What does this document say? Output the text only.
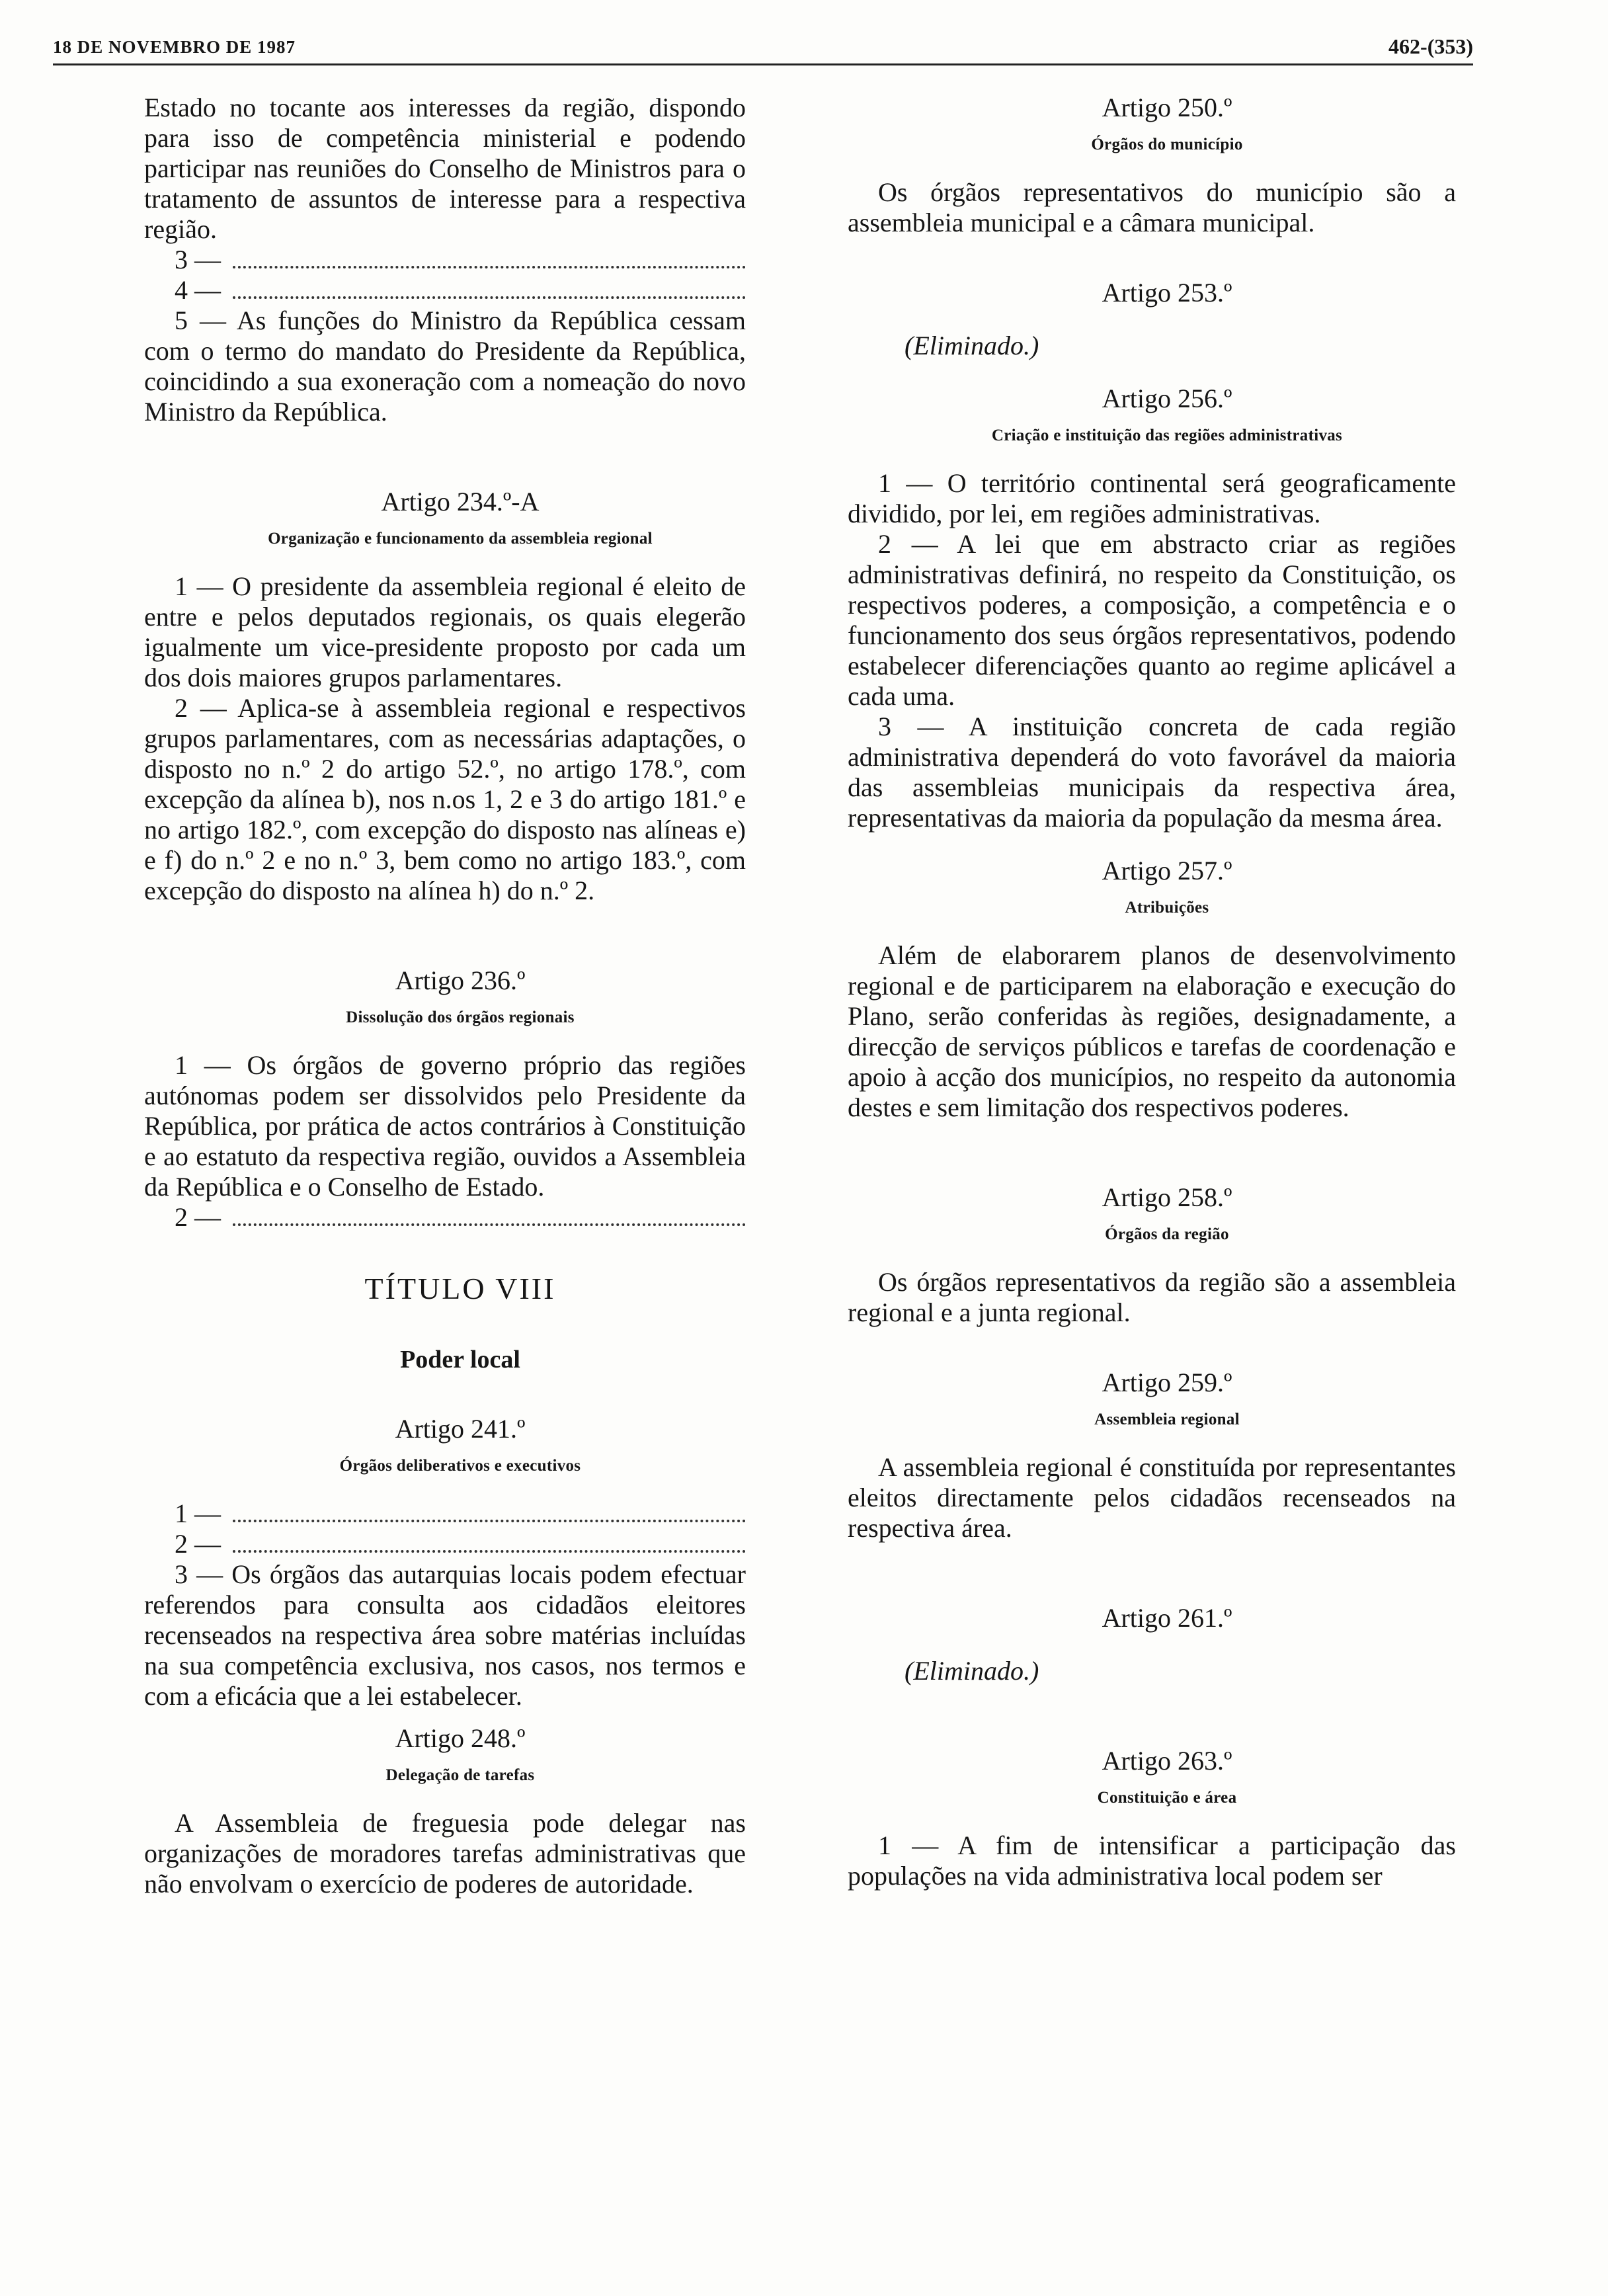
18 DE NOVEMBRO DE 1987	462-(353)

Estado no tocante aos interesses da região, dispondo para isso de competência ministerial e podendo participar nas reuniões do Conselho de Ministros para o tratamento de assuntos de interesse para a respectiva região.

3 —
4 —

5 — As funções do Ministro da República cessam com o termo do mandato do Presidente da República, coincidindo a sua exoneração com a nomeação do novo Ministro da República.

Artigo 234.º-A

Organização e funcionamento da assembleia regional

1 — O presidente da assembleia regional é eleito de entre e pelos deputados regionais, os quais elegerão igualmente um vice-presidente proposto por cada um dos dois maiores grupos parlamentares.

2 — Aplica-se à assembleia regional e respectivos grupos parlamentares, com as necessárias adaptações, o disposto no n.º 2 do artigo 52.º, no artigo 178.º, com excepção da alínea b), nos n.os 1, 2 e 3 do artigo 181.º e no artigo 182.º, com excepção do disposto nas alíneas e) e f) do n.º 2 e no n.º 3, bem como no artigo 183.º, com excepção do disposto na alínea h) do n.º 2.

Artigo 236.º

Dissolução dos órgãos regionais

1 — Os órgãos de governo próprio das regiões autónomas podem ser dissolvidos pelo Presidente da República, por prática de actos contrários à Constituição e ao estatuto da respectiva região, ouvidos a Assembleia da República e o Conselho de Estado.

2 —

TÍTULO VIII

Poder local

Artigo 241.º

Órgãos deliberativos e executivos

1 —
2 —

3 — Os órgãos das autarquias locais podem efectuar referendos para consulta aos cidadãos eleitores recenseados na respectiva área sobre matérias incluídas na sua competência exclusiva, nos casos, nos termos e com a eficácia que a lei estabelecer.

Artigo 248.º

Delegação de tarefas

A Assembleia de freguesia pode delegar nas organizações de moradores tarefas administrativas que não envolvam o exercício de poderes de autoridade.

Artigo 250.º

Órgãos do município

Os órgãos representativos do município são a assembleia municipal e a câmara municipal.

Artigo 253.º

(Eliminado.)

Artigo 256.º

Criação e instituição das regiões administrativas

1 — O território continental será geograficamente dividido, por lei, em regiões administrativas.

2 — A lei que em abstracto criar as regiões administrativas definirá, no respeito da Constituição, os respectivos poderes, a composição, a competência e o funcionamento dos seus órgãos representativos, podendo estabelecer diferenciações quanto ao regime aplicável a cada uma.

3 — A instituição concreta de cada região administrativa dependerá do voto favorável da maioria das assembleias municipais da respectiva área, representativas da maioria da população da mesma área.

Artigo 257.º

Atribuições

Além de elaborarem planos de desenvolvimento regional e de participarem na elaboração e execução do Plano, serão conferidas às regiões, designadamente, a direcção de serviços públicos e tarefas de coordenação e apoio à acção dos municípios, no respeito da autonomia destes e sem limitação dos respectivos poderes.

Artigo 258.º

Órgãos da região

Os órgãos representativos da região são a assembleia regional e a junta regional.

Artigo 259.º

Assembleia regional

A assembleia regional é constituída por representantes eleitos directamente pelos cidadãos recenseados na respectiva área.

Artigo 261.º

(Eliminado.)

Artigo 263.º

Constituição e área

1 — A fim de intensificar a participação das populações na vida administrativa local podem ser
